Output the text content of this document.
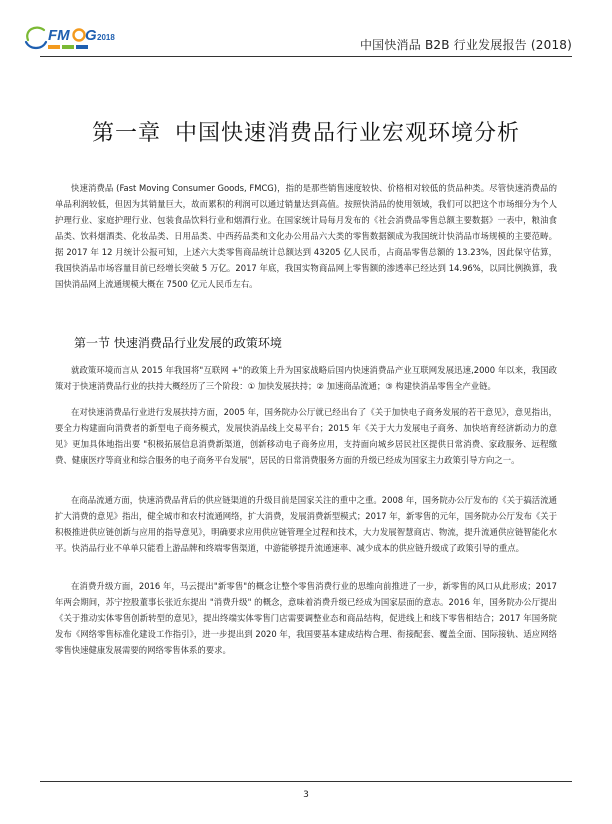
FM G 2018
中国快消品 B2B 行业发展报告 (2018)
第一章 中国快速消费品行业宏观环境分析

快速消费品 (Fast Moving Consumer Goods, FMCG)，指的是那些销售速度较快、价格相对较低的货品种类。尽管快速消费品的单品利润较低，但因为其销量巨大，故而累积的利润可以通过销量达到高值。按照快消品的使用领域，我们可以把这个市场细分为个人护理行业、家庭护理行业、包装食品饮料行业和烟酒行业。在国家统计局每月发布的《社会消费品零售总额主要数据》一表中，粮油食品类、饮料烟酒类、化妆品类、日用品类、中西药品类和文化办公用品六大类的零售数据额成为我国统计快消品市场规模的主要范畴。据 2017 年 12 月统计公报可知，上述六大类零售商品统计总额达到 43205 亿人民币，占商品零售总额的 13.23%，因此保守估算，我国快消品市场容量目前已经增长突破 5 万亿。2017 年底，我国实物商品网上零售额的渗透率已经达到 14.96%，以同比例换算，我国快消品网上流通规模大概在 7500 亿元人民币左右。

第一节 快速消费品行业发展的政策环境

就政策环境而言从 2015 年我国将"互联网 +"的政策上升为国家战略后国内快速消费品产业互联网发展迅速,2000 年以来，我国政策对于快速消费品行业的扶持大概经历了三个阶段：① 加快发展扶持；② 加速商品流通；③ 构建快消品零售全产业链。

在对快速消费品行业进行发展扶持方面，2005 年，国务院办公厅就已经出台了《关于加快电子商务发展的若干意见》，意见指出，要全力构建面向消费者的新型电子商务模式，发展快消品线上交易平台；2015 年《关于大力发展电子商务、加快培育经济新动力的意见》更加具体地指出要 "积极拓展信息消费新渠道，创新移动电子商务应用，支持面向城乡居民社区提供日常消费、家政服务、远程缴费、健康医疗等商业和综合服务的电子商务平台发展"，居民的日常消费服务方面的升级已经成为国家主力政策引导方向之一。

在商品流通方面，快速消费品背后的供应链渠道的升级目前是国家关注的重中之重。2008 年，国务院办公厅发布的《关于搞活流通扩大消费的意见》指出，健全城市和农村流通网络，扩大消费，发展消费新型模式；2017 年，新零售的元年，国务院办公厅发布《关于积极推进供应链创新与应用的指导意见》，明确要求应用供应链管理全过程和技术，大力发展智慧商店、物流，提升流通供应链智能化水平。快消品行业不单单只能看上游品牌和终端零售渠道，中游能够提升流通速率、减少成本的供应链升级成了政策引导的重点。

在消费升级方面，2016 年，马云提出"新零售"的概念让整个零售消费行业的思维向前推进了一步，新零售的风口从此形成；2017 年两会期间，苏宁控股董事长张近东提出 "消费升级" 的概念，意味着消费升级已经成为国家层面的意志。2016 年，国务院办公厅提出《关于推动实体零售创新转型的意见》，提出终端实体零售门店需要调整业态和商品结构，促进线上和线下零售相结合；2017 年国务院发布《网络零售标准化建设工作指引》，进一步提出到 2020 年，我国要基本建成结构合理、衔接配套、覆盖全面、国际接轨、适应网络零售快速健康发展需要的网络零售体系的要求。

3
